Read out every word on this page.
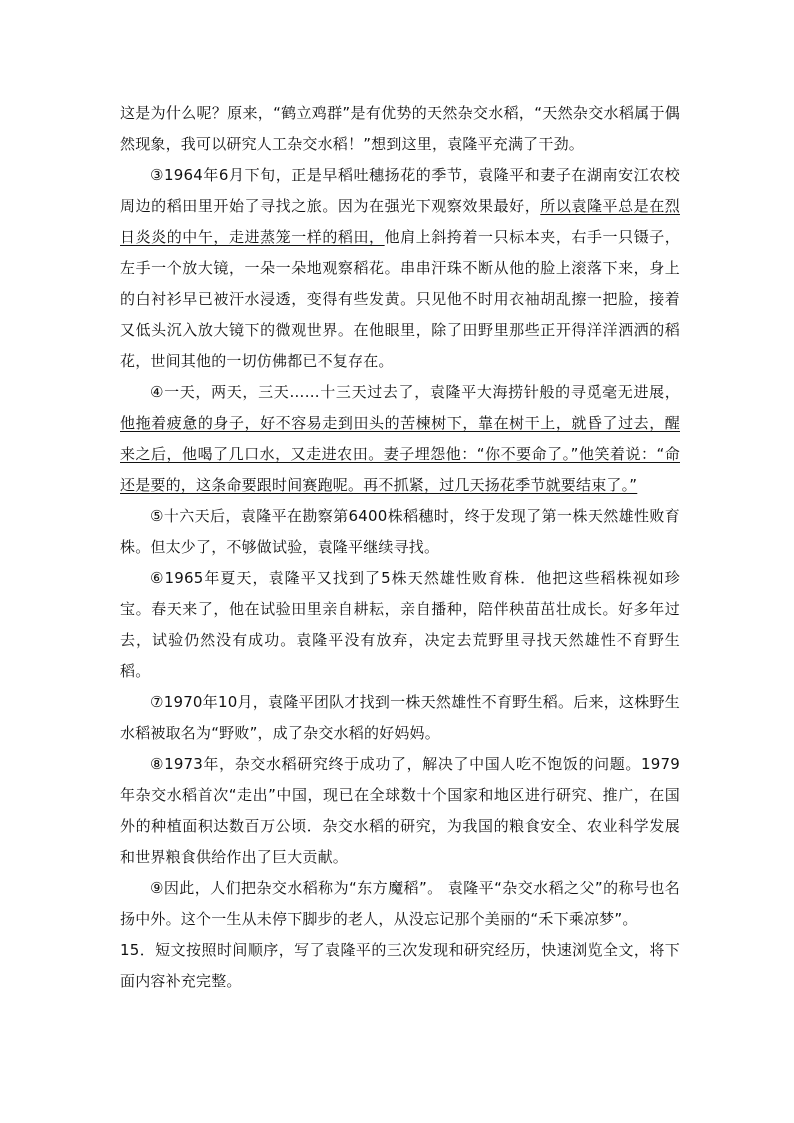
这是为什么呢？原来，“鹤立鸡群”是有优势的天然杂交水稻，“天然杂交水稻属于偶然现象，我可以研究人工杂交水稻！”想到这里，袁隆平充满了干劲。

③1964年6月下旬，正是早稻吐穗扬花的季节，袁隆平和妻子在湖南安江农校周边的稻田里开始了寻找之旅。因为在强光下观察效果最好，所以袁隆平总是在烈日炎炎的中午，走进蒸笼一样的稻田，他肩上斜挎着一只标本夹，右手一只镊子，左手一个放大镜，一朵一朵地观察稻花。串串汗珠不断从他的脸上滚落下来，身上的白衬衫早已被汗水浸透，变得有些发黄。只见他不时用衣袖胡乱擦一把脸，接着又低头沉入放大镜下的微观世界。在他眼里，除了田野里那些正开得洋洋洒洒的稻花，世间其他的一切仿佛都已不复存在。

④一天，两天，三天……十三天过去了，袁隆平大海捞针般的寻觅毫无进展，他拖着疲惫的身子，好不容易走到田头的苦楝树下，靠在树干上，就昏了过去，醒来之后，他喝了几口水，又走进农田。妻子埋怨他：“你不要命了。”他笑着说：“命还是要的，这条命要跟时间赛跑呢。再不抓紧，过几天扬花季节就要结束了。”

⑤十六天后，袁隆平在勘察第6400株稻穗时，终于发现了第一株天然雄性败育株。但太少了，不够做试验，袁隆平继续寻找。

⑥1965年夏天，袁隆平又找到了5株天然雄性败育株．他把这些稻株视如珍宝。春天来了，他在试验田里亲自耕耘，亲自播种，陪伴秧苗茁壮成长。好多年过去，试验仍然没有成功。袁隆平没有放弃，决定去荒野里寻找天然雄性不育野生稻。

⑦1970年10月，袁隆平团队才找到一株天然雄性不育野生稻。后来，这株野生水稻被取名为“野败”，成了杂交水稻的好妈妈。

⑧1973年，杂交水稻研究终于成功了，解决了中国人吃不饱饭的问题。1979年杂交水稻首次“走出”中国，现已在全球数十个国家和地区进行研究、推广，在国外的种植面积达数百万公顷．杂交水稻的研究，为我国的粮食安全、农业科学发展和世界粮食供给作出了巨大贡献。

⑨因此，人们把杂交水稻称为“东方魔稻”。 袁隆平“杂交水稻之父”的称号也名扬中外。这个一生从未停下脚步的老人，从没忘记那个美丽的“禾下乘凉梦”。

15．短文按照时间顺序，写了袁隆平的三次发现和研究经历，快速浏览全文，将下面内容补充完整。
